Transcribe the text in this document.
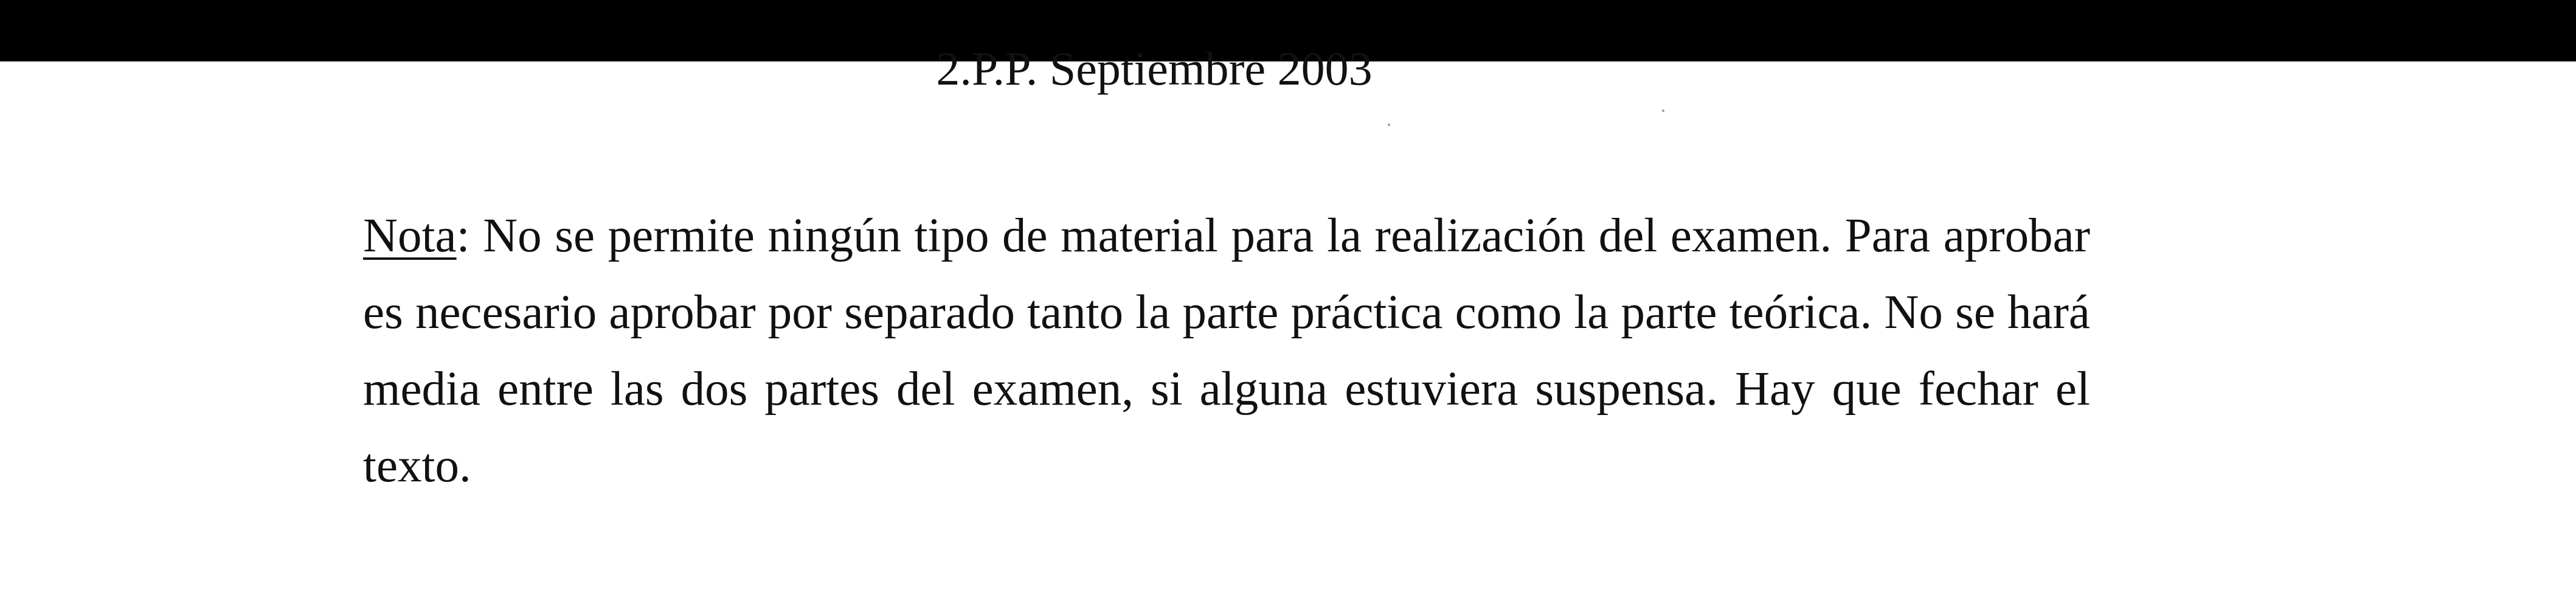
2.P.P. Septiembre 2003

Nota: No se permite ningún tipo de material para la realización del examen. Para aprobar es necesario aprobar por separado tanto la parte práctica como la parte teórica. No se hará media entre las dos partes del examen, si alguna estuviera suspensa. Hay que fechar el texto.
